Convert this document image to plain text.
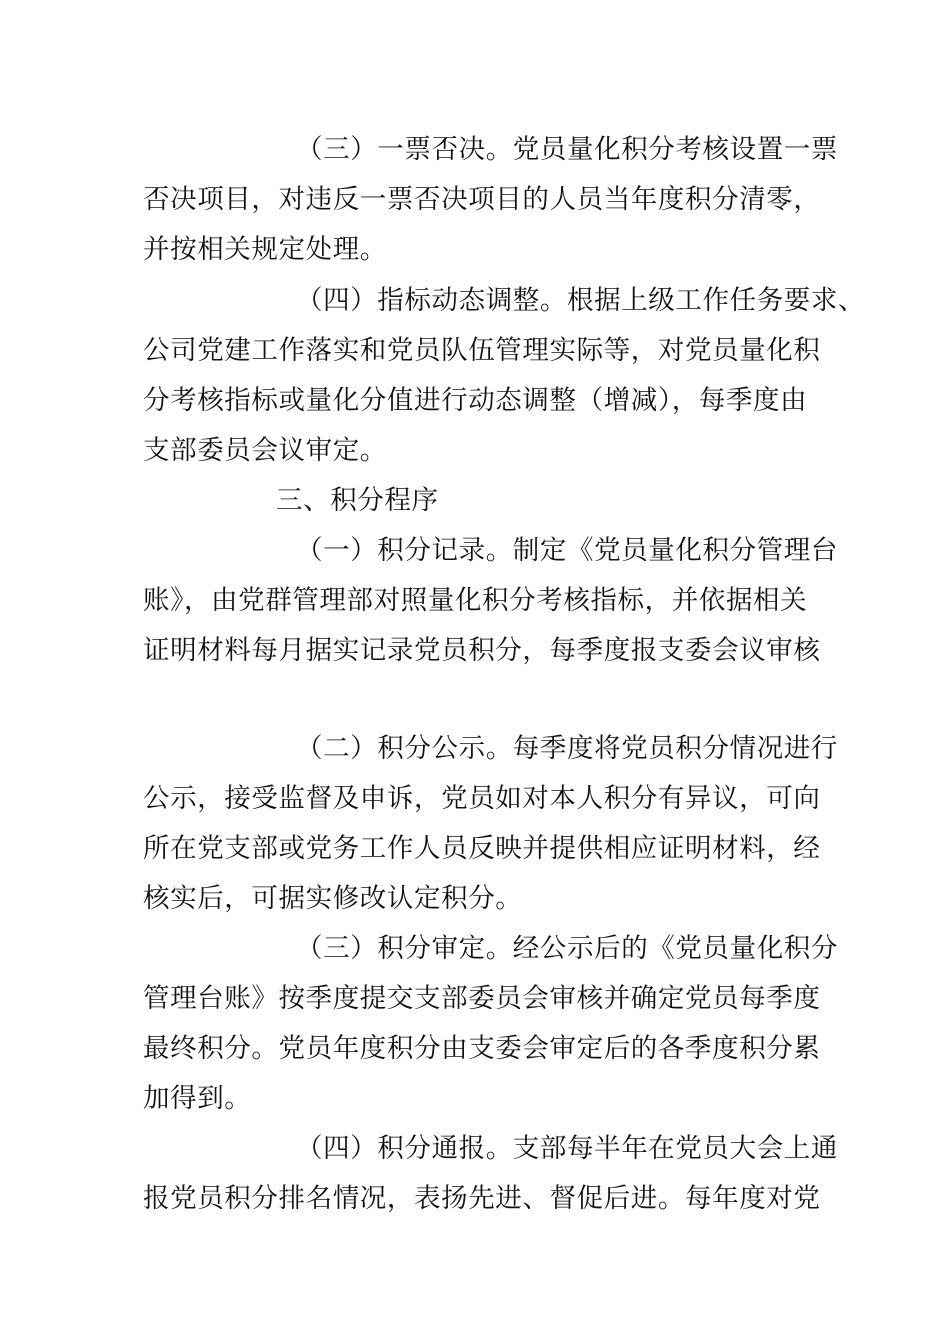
（三）一票否决。党员量化积分考核设置一票
否决项目，对违反一票否决项目的人员当年度积分清零，
并按相关规定处理。
（四）指标动态调整。根据上级工作任务要求、
公司党建工作落实和党员队伍管理实际等，对党员量化积
分考核指标或量化分值进行动态调整（增减），每季度由
支部委员会议审定。
三、积分程序
（一）积分记录。制定《党员量化积分管理台
账》，由党群管理部对照量化积分考核指标，并依据相关
证明材料每月据实记录党员积分，每季度报支委会议审核
（二）积分公示。每季度将党员积分情况进行
公示，接受监督及申诉，党员如对本人积分有异议，可向
所在党支部或党务工作人员反映并提供相应证明材料，经
核实后，可据实修改认定积分。
（三）积分审定。经公示后的《党员量化积分
管理台账》按季度提交支部委员会审核并确定党员每季度
最终积分。党员年度积分由支委会审定后的各季度积分累
加得到。
（四）积分通报。支部每半年在党员大会上通
报党员积分排名情况，表扬先进、督促后进。每年度对党
